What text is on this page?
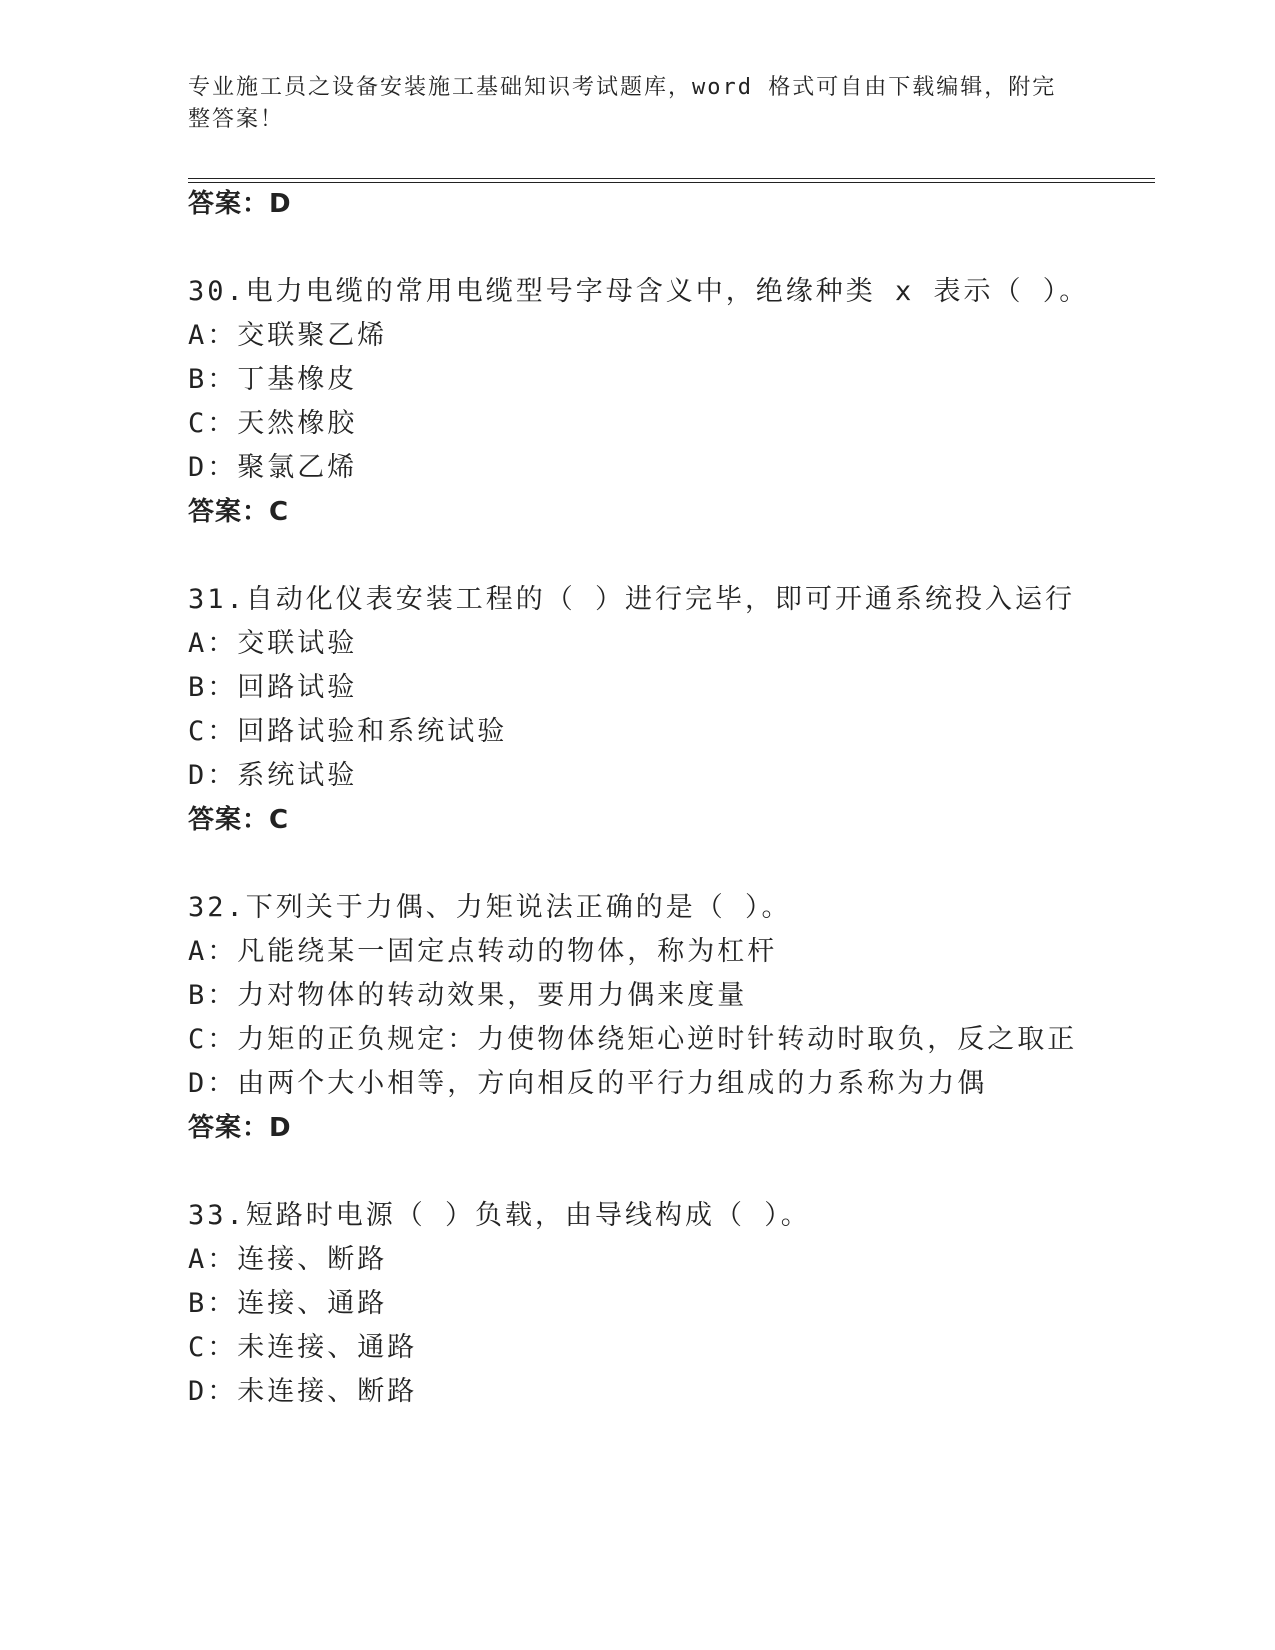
专业施工员之设备安装施工基础知识考试题库，word 格式可自由下载编辑，附完整答案！
答案：D
30.电力电缆的常用电缆型号字母含义中，绝缘种类 x 表示（ ）。
A：交联聚乙烯
B：丁基橡皮
C：天然橡胶
D：聚氯乙烯
答案：C
31.自动化仪表安装工程的（ ）进行完毕，即可开通系统投入运行
A：交联试验
B：回路试验
C：回路试验和系统试验
D：系统试验
答案：C
32.下列关于力偶、力矩说法正确的是（ ）。
A：凡能绕某一固定点转动的物体，称为杠杆
B：力对物体的转动效果，要用力偶来度量
C：力矩的正负规定：力使物体绕矩心逆时针转动时取负，反之取正
D：由两个大小相等，方向相反的平行力组成的力系称为力偶
答案：D
33.短路时电源（ ）负载，由导线构成（ ）。
A：连接、断路
B：连接、通路
C：未连接、通路
D：未连接、断路
